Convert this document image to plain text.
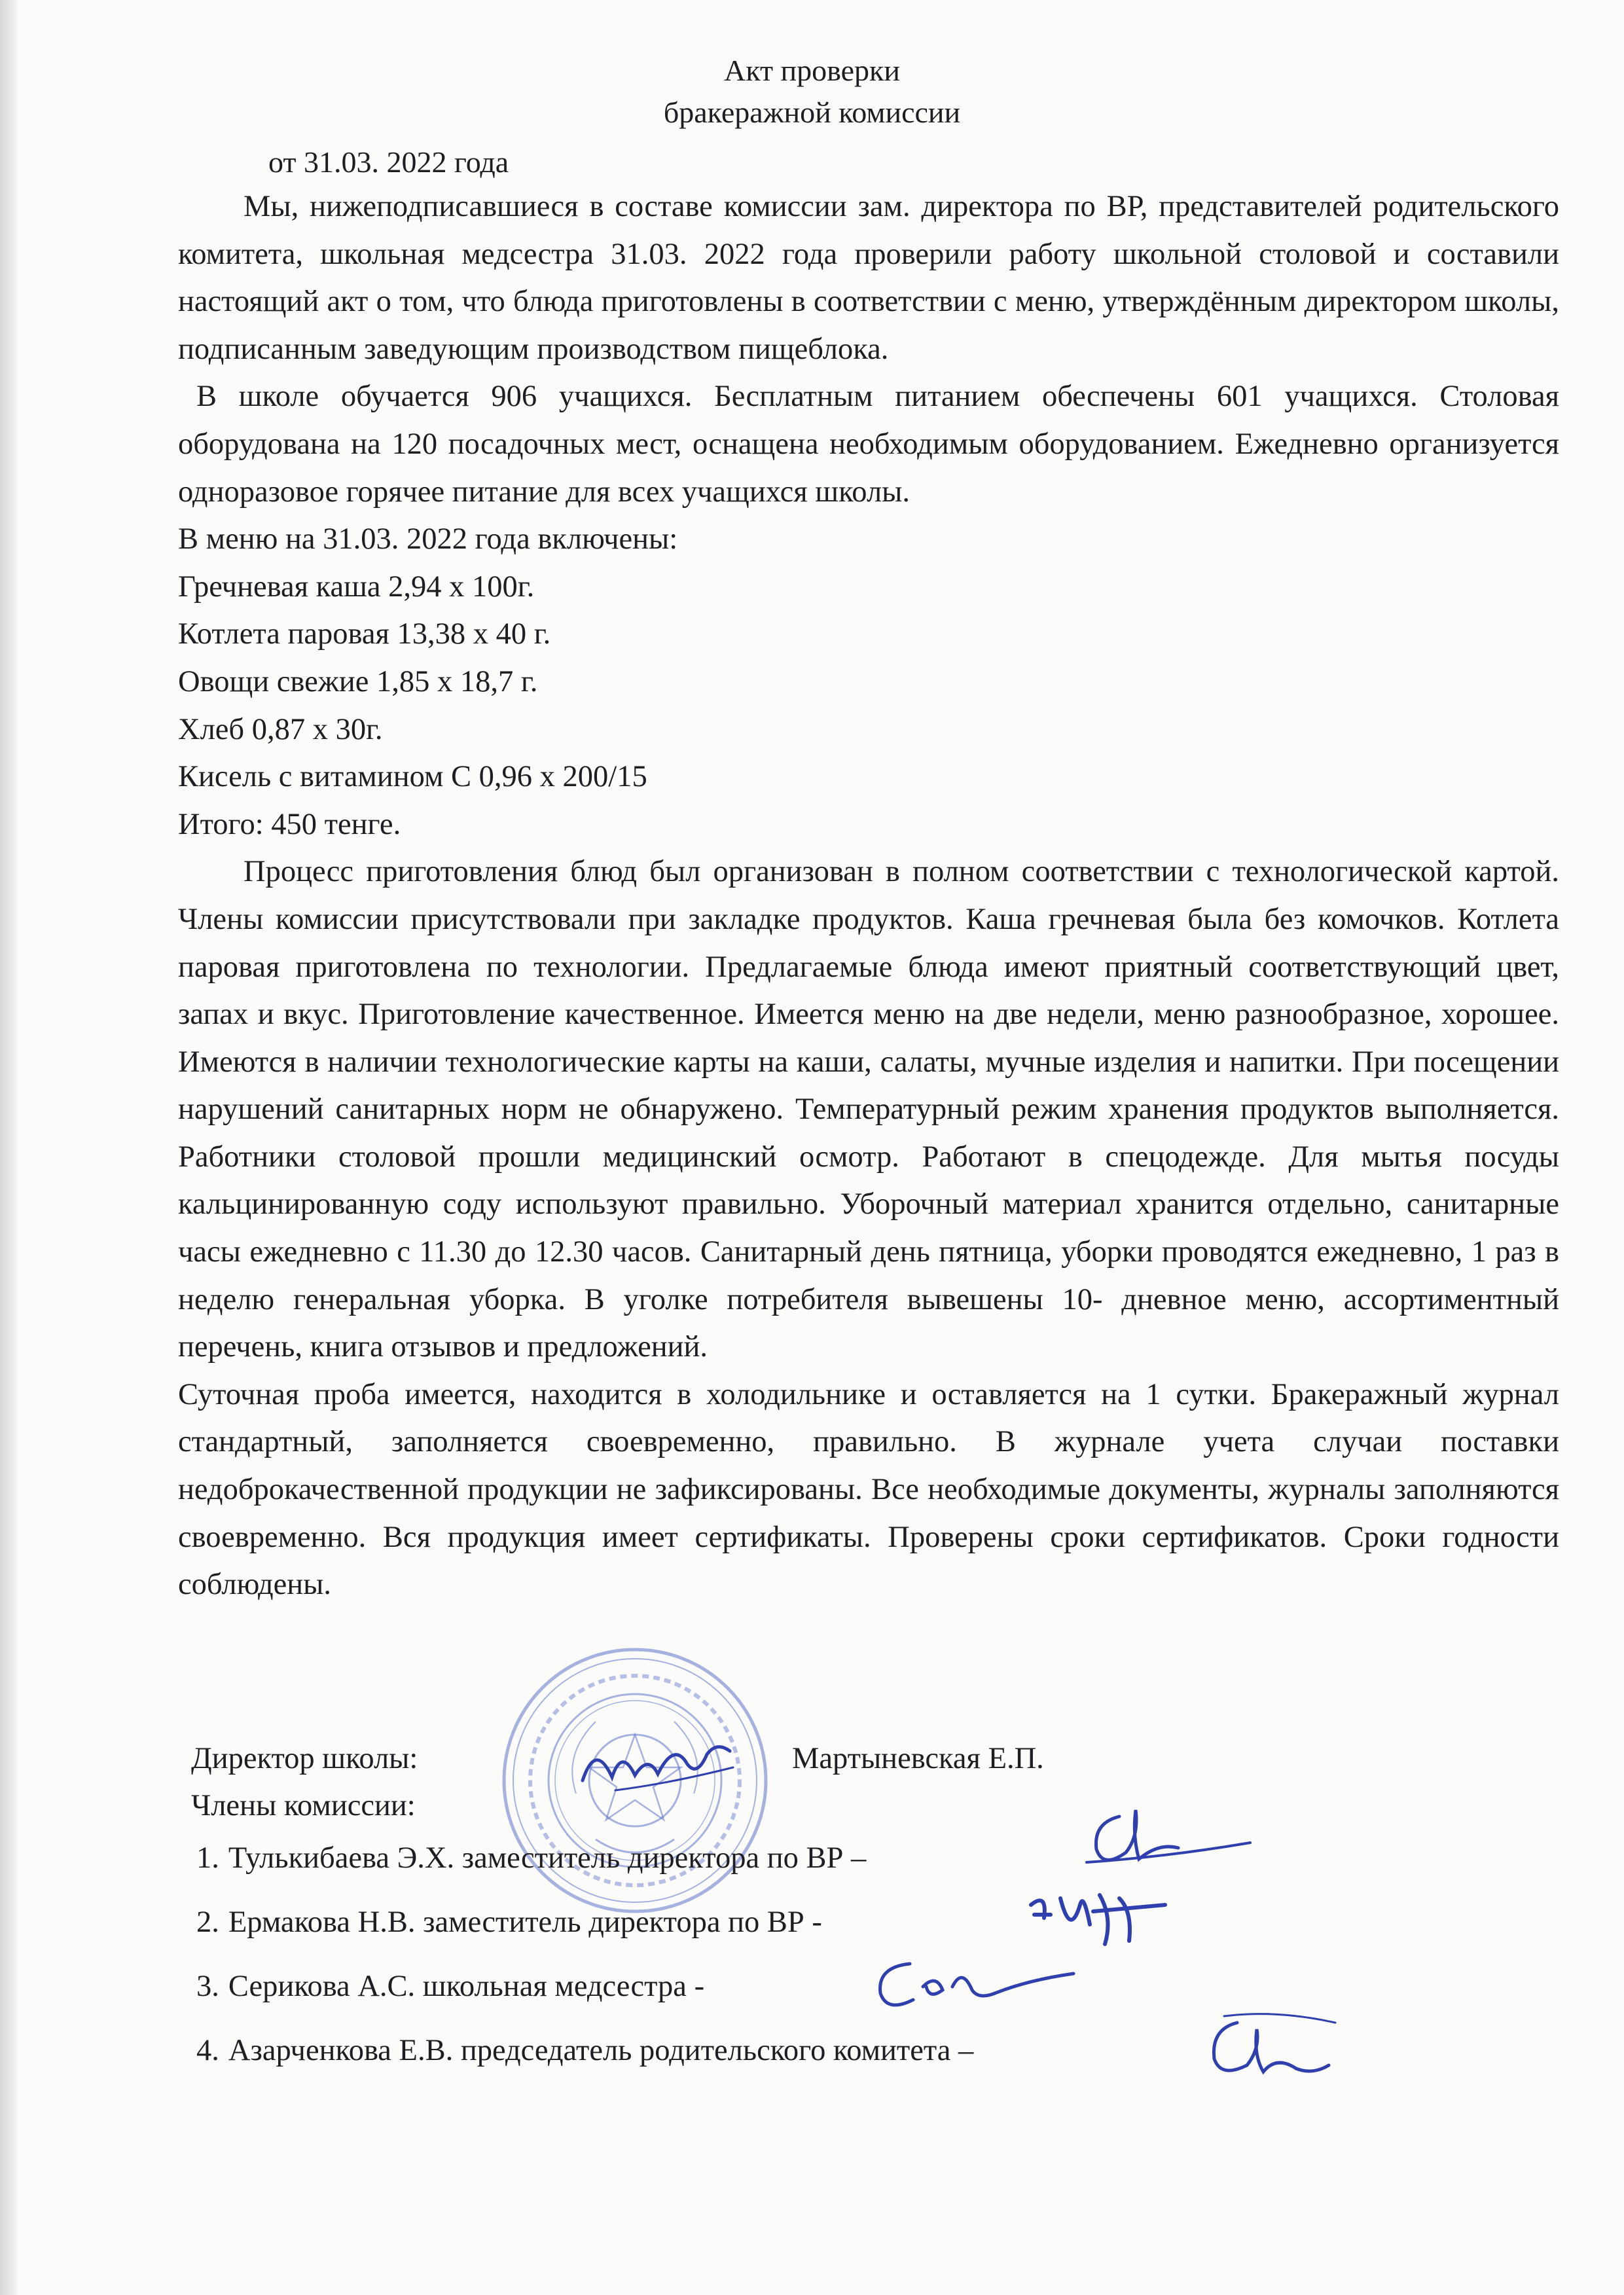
Акт проверки
бракеражной комиссии
от 31.03. 2022 года

Мы, нижеподписавшиеся в составе комиссии зам. директора по ВР, представителей родительского комитета, школьная медсестра 31.03. 2022 года проверили работу школьной столовой и составили настоящий акт о том, что блюда приготовлены в соответствии с меню, утверждённым директором школы, подписанным заведующим производством пищеблока.

В школе обучается 906 учащихся. Бесплатным питанием обеспечены 601 учащихся. Столовая оборудована на 120 посадочных мест, оснащена необходимым оборудованием. Ежедневно организуется одноразовое горячее питание для всех учащихся школы.

В меню на 31.03. 2022 года включены:

Гречневая каша 2,94 х 100г.
Котлета паровая 13,38 х 40 г.
Овощи свежие 1,85 х 18,7 г.
Хлеб 0,87 х 30г.
Кисель с витамином С 0,96 х 200/15

Итого: 450 тенге.

Процесс приготовления блюд был организован в полном соответствии с технологической картой. Члены комиссии присутствовали при закладке продуктов. Каша гречневая была без комочков. Котлета паровая приготовлена по технологии. Предлагаемые блюда имеют приятный соответствующий цвет, запах и вкус. Приготовление качественное. Имеется меню на две недели, меню разнообразное, хорошее. Имеются в наличии технологические карты на каши, салаты, мучные изделия и напитки. При посещении нарушений санитарных норм не обнаружено. Температурный режим хранения продуктов выполняется. Работники столовой прошли медицинский осмотр. Работают в спецодежде. Для мытья посуды кальцинированную соду используют правильно. Уборочный материал хранится отдельно, санитарные часы ежедневно с 11.30 до 12.30 часов. Санитарный день пятница, уборки проводятся ежедневно, 1 раз в неделю генеральная уборка. В уголке потребителя вывешены 10- дневное меню, ассортиментный перечень, книга отзывов и предложений.

Суточная проба имеется, находится в холодильнике и оставляется на 1 сутки. Бракеражный журнал стандартный, заполняется своевременно, правильно. В журнале учета случаи поставки недоброкачественной продукции не зафиксированы. Все необходимые документы, журналы заполняются своевременно. Вся продукция имеет сертификаты. Проверены сроки сертификатов. Сроки годности соблюдены.

Директор школы:	Мартыневская Е.П.
Члены комиссии:
1. Тулькибаева Э.Х. заместитель директора по ВР –
2. Ермакова Н.В. заместитель директора по ВР -
3. Серикова А.С. школьная медсестра -
4. Азарченкова Е.В. председатель родительского комитета –
